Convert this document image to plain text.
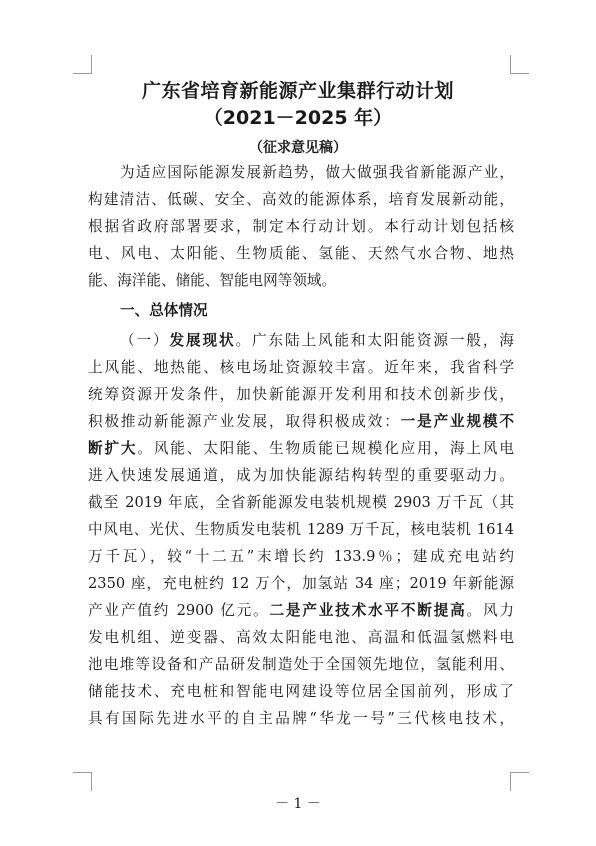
广东省培育新能源产业集群行动计划
（2021－2025 年）
（征求意见稿）
为适应国际能源发展新趋势，做大做强我省新能源产业，
构建清洁、低碳、安全、高效的能源体系，培育发展新动能，
根据省政府部署要求，制定本行动计划。本行动计划包括核
电、风电、太阳能、生物质能、氢能、天然气水合物、地热
能、海洋能、储能、智能电网等领域。
一、总体情况
（一）发展现状。广东陆上风能和太阳能资源一般，海
上风能、地热能、核电场址资源较丰富。近年来，我省科学
统筹资源开发条件，加快新能源开发利用和技术创新步伐，
积极推动新能源产业发展，取得积极成效：一是产业规模不
断扩大。风能、太阳能、生物质能已规模化应用，海上风电
进入快速发展通道，成为加快能源结构转型的重要驱动力。
截至 2019 年底，全省新能源发电装机规模 2903 万千瓦（其
中风电、光伏、生物质发电装机 1289 万千瓦，核电装机 1614
万千瓦），较“十二五”末增长约 133.9％；建成充电站约
2350 座，充电桩约 12 万个，加氢站 34 座；2019 年新能源
产业产值约 2900 亿元。二是产业技术水平不断提高。风力
发电机组、逆变器、高效太阳能电池、高温和低温氢燃料电
池电堆等设备和产品研发制造处于全国领先地位，氢能利用、
储能技术、充电桩和智能电网建设等位居全国前列，形成了
具有国际先进水平的自主品牌“华龙一号”三代核电技术，
－ 1 －
